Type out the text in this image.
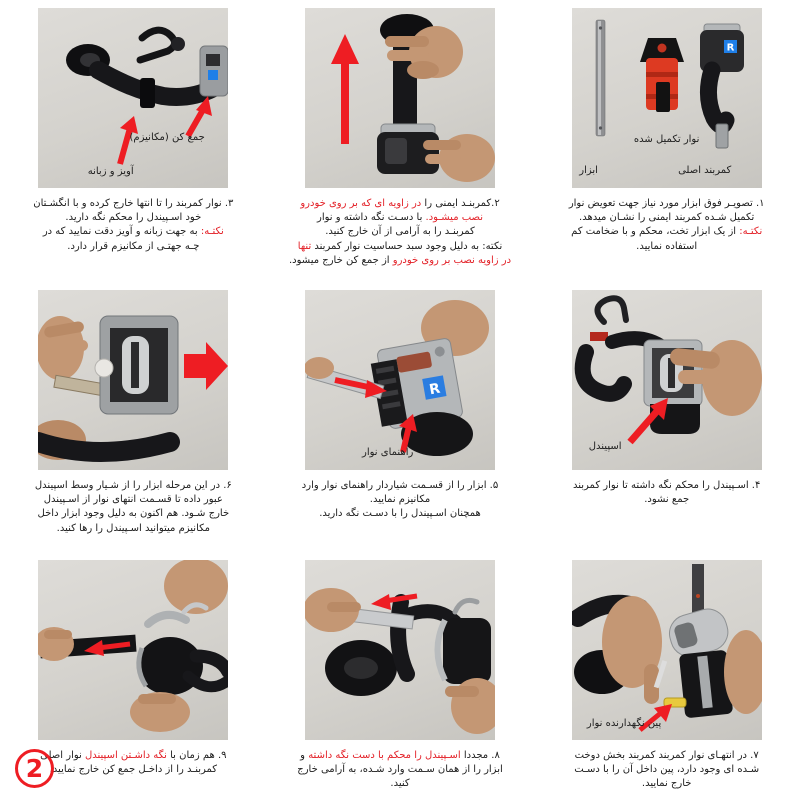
R
نوار تکمیل شده
ابزار	کمربند اصلی
۱. تصویـر فوق ابزار مورد نیاز جهت تعویض نوار
تکمیل شـده کمربند ایمنی را نشـان میدهد.
نکتـه: از یک ابزار تخت، محکم و با ضخامت کم
استفاده نمایید.
۲.کمربنـد ایمنی را در زاویه ای که بر روی خودرو
نصب میشـود. با دسـت نگه داشته و نوار
کمربنـد را به آرامی از آن خارج کنید.
نکته: به دلیل وجود سبد حساسیت نوار کمربند تنها
در زاویه نصب بر روی خودرو از جمع کن خارج میشود.
جمع کن (مکانیزم)
آویز و زبانه
۳. نوار کمربند را تا انتها خارج کرده و با انگشـتان
خود اسـپیندل را محکم نگه دارید.
نکتـه: به جهت زبانه و آویز دقت نمایید که در
چـه جهتـی از مکانیزم قرار دارد.
اسپیندل
۴. اسـپیندل را محکم نگه داشته تا نوار کمربند
جمع نشود.
R
راهنمای نوار
۵. ابزار را از قسـمت شیاردار راهنمای نوار وارد
مکانیزم نمایید.
همچنان اسـپیندل را با دسـت نگه دارید.
۶. در این مرحله ابزار را از شـیار وسط اسپیندل
عبور داده تا قسـمت انتهای نوار از اسـپیندل
خارج شـود. هم اکنون به دلیل وجود ابزار داخل
مکانیزم میتوانید اسـپیندل را رها کنید.
پین نگهدارنده نوار
۷. در انتهـای نوار کمربند کمربند بخش دوخت
شـده ای وجود دارد، پین داخل آن را با دسـت
خارج نمایید.
۸. مجددا اسـپیندل را محکم با دست نگه داشته و
ابزار را از همان سـمت وارد شـده، به آرامی خارج
کنید.
۹. هم زمان با نگه داشـتن اسپیندل نوار اصلی
کمربنـد را از داخـل جمع کن خارج نمایید.
2
